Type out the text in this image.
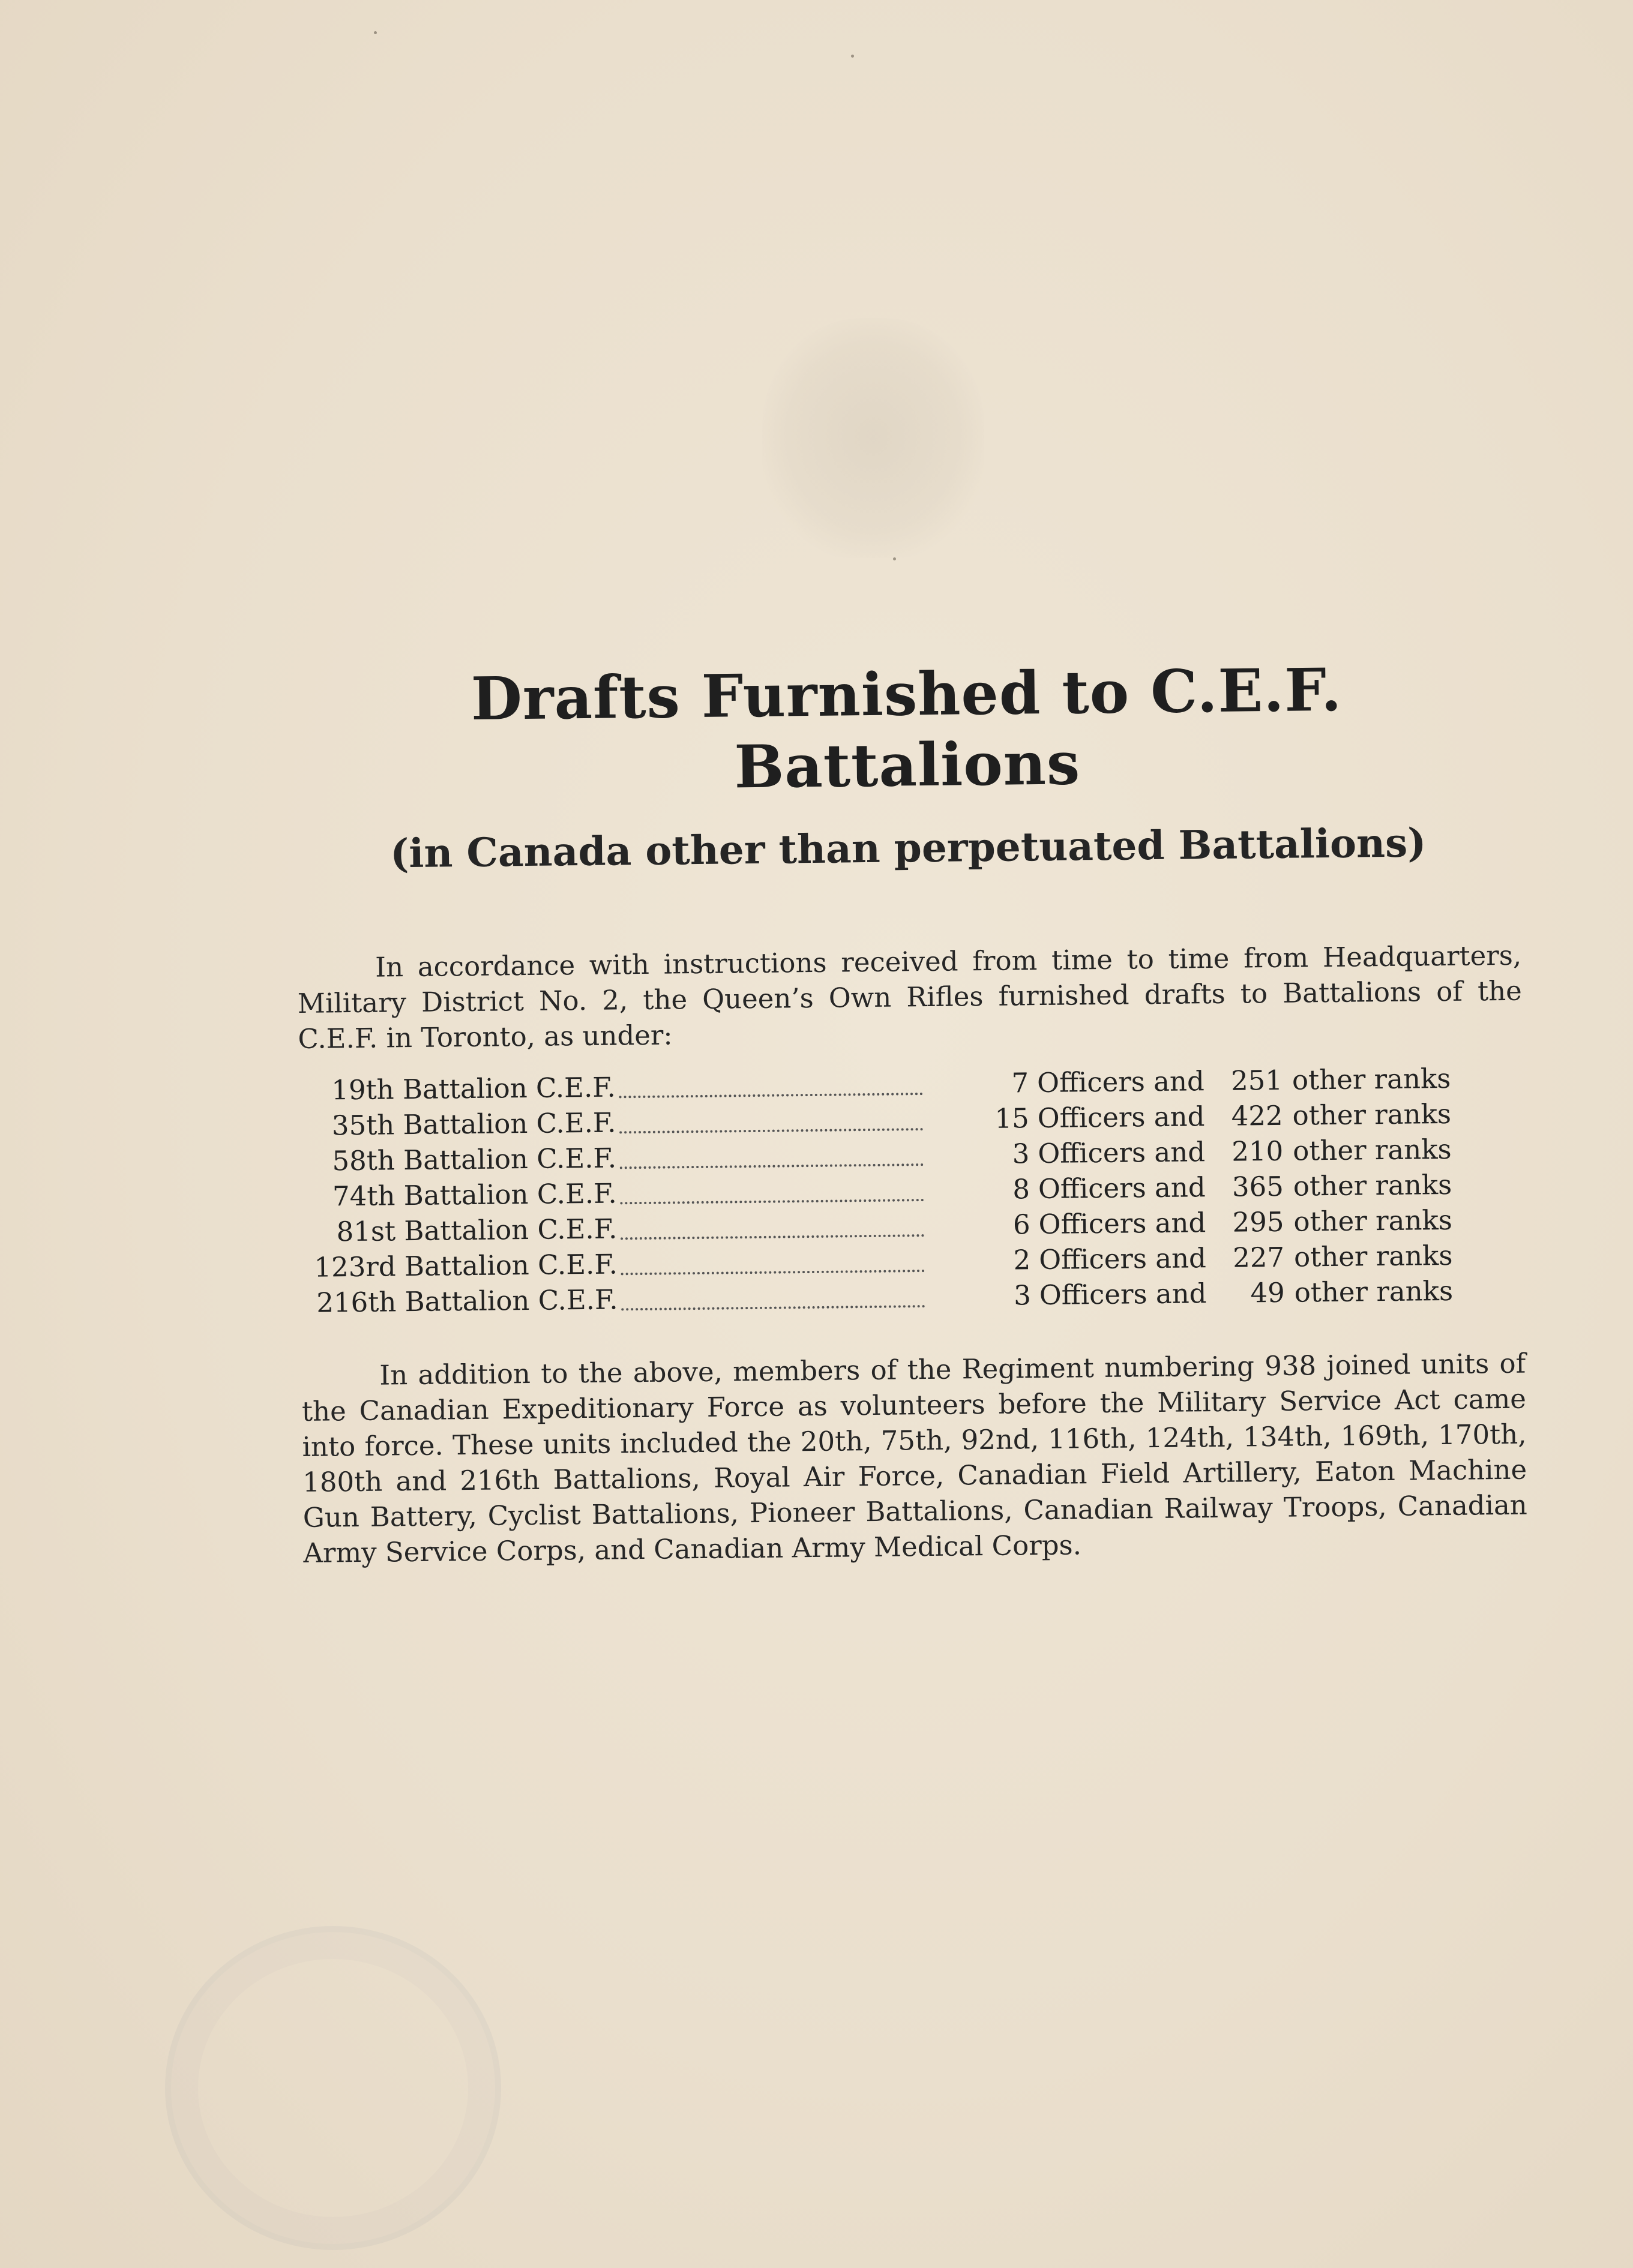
Drafts Furnished to C.E.F. Battalions
(in Canada other than perpetuated Battalions)

In accordance with instructions received from time to time from Headquarters, Military District No. 2, the Queen’s Own Rifles furnished drafts to Battalions of the C.E.F. in Toronto, as under:

19th Battalion C.E.F.	7 Officers and 251 other ranks
35th Battalion C.E.F.	15 Officers and 422 other ranks
58th Battalion C.E.F.	3 Officers and 210 other ranks
74th Battalion C.E.F.	8 Officers and 365 other ranks
81st Battalion C.E.F.	6 Officers and 295 other ranks
123rd Battalion C.E.F.	2 Officers and 227 other ranks
216th Battalion C.E.F.	3 Officers and	49 other ranks

In addition to the above, members of the Regiment numbering 938 joined units of the Canadian Expeditionary Force as volunteers before the Military Service Act came into force. These units included the 20th, 75th, 92nd, 116th, 124th, 134th, 169th, 170th, 180th and 216th Battalions, Royal Air Force, Canadian Field Artillery, Eaton Machine Gun Battery, Cyclist Battalions, Pioneer Battalions, Canadian Railway Troops, Canadian Army Service Corps, and Canadian Army Medical Corps.
